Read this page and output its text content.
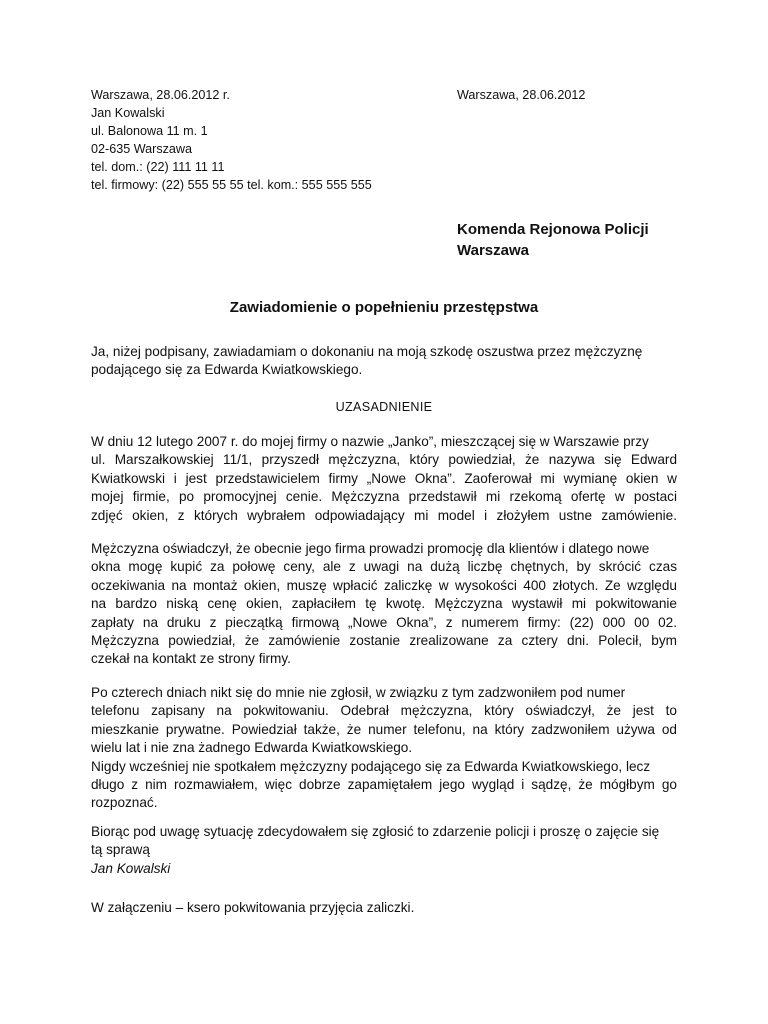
Warszawa, 28.06.2012 r.
Jan Kowalski
ul. Balonowa 11 m. 1
02-635 Warszawa
tel. dom.: (22) 111 11 11
tel. firmowy: (22) 555 55 55 tel. kom.: 555 555 555
Warszawa, 28.06.2012
Komenda Rejonowa Policji
Warszawa
Zawiadomienie o popełnieniu przestępstwa
Ja, niżej podpisany, zawiadamiam o dokonaniu na moją szkodę oszustwa przez mężczyznę
podającego się za Edwarda Kwiatkowskiego.
UZASADNIENIE
W dniu 12 lutego 2007 r. do mojej firmy o nazwie „Janko”, mieszczącej się w Warszawie przy
ul. Marszałkowskiej 11/1, przyszedł mężczyzna, który powiedział, że nazywa się Edward
Kwiatkowski i jest przedstawicielem firmy „Nowe Okna”. Zaoferował mi wymianę okien w
mojej firmie, po promocyjnej cenie. Mężczyzna przedstawił mi rzekomą ofertę w postaci
zdjęć okien, z których wybrałem odpowiadający mi model i złożyłem ustne zamówienie.
Mężczyzna oświadczył, że obecnie jego firma prowadzi promocję dla klientów i dlatego nowe
okna mogę kupić za połowę ceny, ale z uwagi na dużą liczbę chętnych, by skrócić czas
oczekiwania na montaż okien, muszę wpłacić zaliczkę w wysokości 400 złotych. Ze względu
na bardzo niską cenę okien, zapłaciłem tę kwotę. Mężczyzna wystawił mi pokwitowanie
zapłaty na druku z pieczątką firmową „Nowe Okna”, z numerem firmy: (22) 000 00 02.
Mężczyzna powiedział, że zamówienie zostanie zrealizowane za cztery dni. Polecił, bym
czekał na kontakt ze strony firmy.
Po czterech dniach nikt się do mnie nie zgłosił, w związku z tym zadzwoniłem pod numer
telefonu zapisany na pokwitowaniu. Odebrał mężczyzna, który oświadczył, że jest to
mieszkanie prywatne. Powiedział także, że numer telefonu, na który zadzwoniłem używa od
wielu lat i nie zna żadnego Edwarda Kwiatkowskiego.
Nigdy wcześniej nie spotkałem mężczyzny podającego się za Edwarda Kwiatkowskiego, lecz
długo z nim rozmawiałem, więc dobrze zapamiętałem jego wygląd i sądzę, że mógłbym go
rozpoznać.
Biorąc pod uwagę sytuację zdecydowałem się zgłosić to zdarzenie policji i proszę o zajęcie się
tą sprawą
Jan Kowalski
W załączeniu – ksero pokwitowania przyjęcia zaliczki.
